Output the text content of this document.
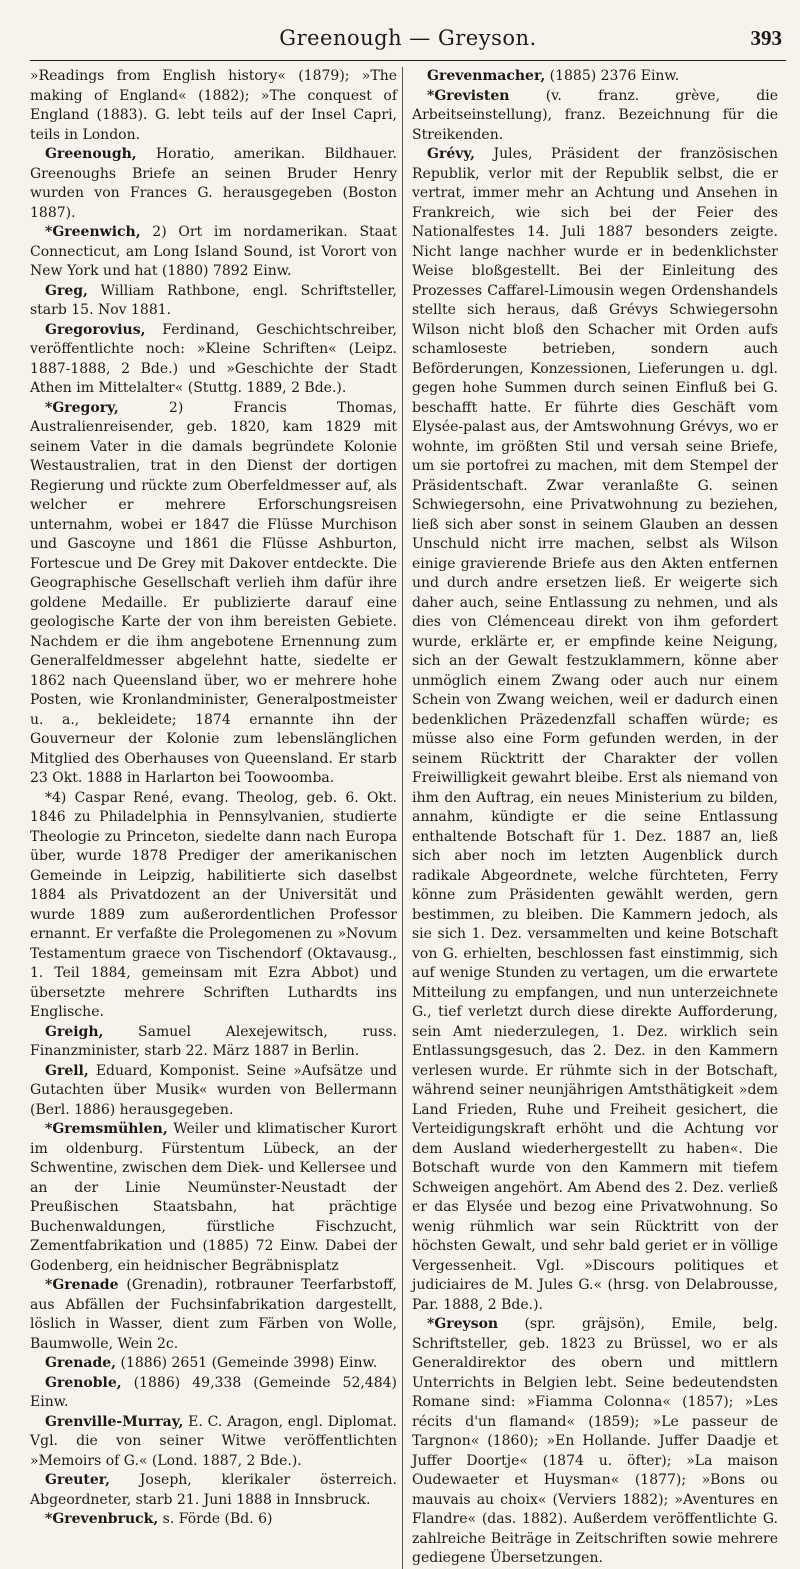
Greenough — Greyson.	393

»Readings from English history« (1879); »The making of England« (1882); »The conquest of England (1883). G. lebt teils auf der Insel Capri, teils in London.

Greenough, Horatio, amerikan. Bildhauer. Greenoughs Briefe an seinen Bruder Henry wurden von Frances G. herausgegeben (Boston 1887).

*Greenwich, 2) Ort im nordamerikan. Staat Connecticut, am Long Island Sound, ist Vorort von New York und hat (1880) 7892 Einw.

Greg, William Rathbone, engl. Schriftsteller, starb 15. Nov 1881.

Gregorovius, Ferdinand, Geschichtschreiber, veröffentlichte noch: »Kleine Schriften« (Leipz. 1887-1888, 2 Bde.) und »Geschichte der Stadt Athen im Mittelalter« (Stuttg. 1889, 2 Bde.).

*Gregory, 2) Francis Thomas, Australienreisender, geb. 1820, kam 1829 mit seinem Vater in die damals begründete Kolonie Westaustralien, trat in den Dienst der dortigen Regierung und rückte zum Oberfeldmesser auf, als welcher er mehrere Erforschungsreisen unternahm, wobei er 1847 die Flüsse Murchison und Gascoyne und 1861 die Flüsse Ashburton, Fortescue und De Grey mit Dakover entdeckte. Die Geographische Gesellschaft verlieh ihm dafür ihre goldene Medaille. Er publizierte darauf eine geologische Karte der von ihm bereisten Gebiete. Nachdem er die ihm angebotene Ernennung zum Generalfeldmesser abgelehnt hatte, siedelte er 1862 nach Queensland über, wo er mehrere hohe Posten, wie Kronlandminister, Generalpostmeister u. a., bekleidete; 1874 ernannte ihn der Gouverneur der Kolonie zum lebenslänglichen Mitglied des Oberhauses von Queensland. Er starb 23 Okt. 1888 in Harlarton bei Toowoomba.

*4) Caspar René, evang. Theolog, geb. 6. Okt. 1846 zu Philadelphia in Pennsylvanien, studierte Theologie zu Princeton, siedelte dann nach Europa über, wurde 1878 Prediger der amerikanischen Gemeinde in Leipzig, habilitierte sich daselbst 1884 als Privatdozent an der Universität und wurde 1889 zum außerordentlichen Professor ernannt. Er verfaßte die Prolegomenen zu »Novum Testamentum graece von Tischendorf (Oktavausg., 1. Teil 1884, gemeinsam mit Ezra Abbot) und übersetzte mehrere Schriften Luthardts ins Englische.

Greigh, Samuel Alexejewitsch, russ. Finanzminister, starb 22. März 1887 in Berlin.

Grell, Eduard, Komponist. Seine »Aufsätze und Gutachten über Musik« wurden von Bellermann (Berl. 1886) herausgegeben.

*Gremsmühlen, Weiler und klimatischer Kurort im oldenburg. Fürstentum Lübeck, an der Schwentine, zwischen dem Diek- und Kellersee und an der Linie Neumünster-Neustadt der Preußischen Staatsbahn, hat prächtige Buchenwaldungen, fürstliche Fischzucht, Zementfabrikation und (1885) 72 Einw. Dabei der Godenberg, ein heidnischer Begräbnisplatz

*Grenade (Grenadin), rotbrauner Teerfarbstoff, aus Abfällen der Fuchsinfabrikation dargestellt, löslich in Wasser, dient zum Färben von Wolle, Baumwolle, Wein 2c.

Grenade, (1886) 2651 (Gemeinde 3998) Einw.

Grenoble, (1886) 49,338 (Gemeinde 52,484) Einw.

Grenville-Murray, E. C. Aragon, engl. Diplomat. Vgl. die von seiner Witwe veröffentlichten »Memoirs of G.« (Lond. 1887, 2 Bde.).

Greuter, Joseph, klerikaler österreich. Abgeordneter, starb 21. Juni 1888 in Innsbruck.

*Grevenbruck, s. Förde (Bd. 6)

Grevenmacher, (1885) 2376 Einw.

*Grevisten (v. franz. grève, die Arbeitseinstellung), franz. Bezeichnung für die Streikenden.

Grévy, Jules, Präsident der französischen Republik, verlor mit der Republik selbst, die er vertrat, immer mehr an Achtung und Ansehen in Frankreich, wie sich bei der Feier des Nationalfestes 14. Juli 1887 besonders zeigte. Nicht lange nachher wurde er in bedenklichster Weise bloßgestellt. Bei der Einleitung des Prozesses Caffarel-Limousin wegen Ordenshandels stellte sich heraus, daß Grévys Schwiegersohn Wilson nicht bloß den Schacher mit Orden aufs schamloseste betrieben, sondern auch Beförderungen, Konzessionen, Lieferungen u. dgl. gegen hohe Summen durch seinen Einfluß bei G. beschafft hatte. Er führte dies Geschäft vom Elysée-palast aus, der Amtswohnung Grévys, wo er wohnte, im größten Stil und versah seine Briefe, um sie portofrei zu machen, mit dem Stempel der Präsidentschaft. Zwar veranlaßte G. seinen Schwiegersohn, eine Privatwohnung zu beziehen, ließ sich aber sonst in seinem Glauben an dessen Unschuld nicht irre machen, selbst als Wilson einige gravierende Briefe aus den Akten entfernen und durch andre ersetzen ließ. Er weigerte sich daher auch, seine Entlassung zu nehmen, und als dies von Clémenceau direkt von ihm gefordert wurde, erklärte er, er empfinde keine Neigung, sich an der Gewalt festzuklammern, könne aber unmöglich einem Zwang oder auch nur einem Schein von Zwang weichen, weil er dadurch einen bedenklichen Präzedenzfall schaffen würde; es müsse also eine Form gefunden werden, in der seinem Rücktritt der Charakter der vollen Freiwilligkeit gewahrt bleibe. Erst als niemand von ihm den Auftrag, ein neues Ministerium zu bilden, annahm, kündigte er die seine Entlassung enthaltende Botschaft für 1. Dez. 1887 an, ließ sich aber noch im letzten Augenblick durch radikale Abgeordnete, welche fürchteten, Ferry könne zum Präsidenten gewählt werden, gern bestimmen, zu bleiben. Die Kammern jedoch, als sie sich 1. Dez. versammelten und keine Botschaft von G. erhielten, beschlossen fast einstimmig, sich auf wenige Stunden zu vertagen, um die erwartete Mitteilung zu empfangen, und nun unterzeichnete G., tief verletzt durch diese direkte Aufforderung, sein Amt niederzulegen, 1. Dez. wirklich sein Entlassungsgesuch, das 2. Dez. in den Kammern verlesen wurde. Er rühmte sich in der Botschaft, während seiner neunjährigen Amtsthätigkeit »dem Land Frieden, Ruhe und Freiheit gesichert, die Verteidigungskraft erhöht und die Achtung vor dem Ausland wiederhergestellt zu haben«. Die Botschaft wurde von den Kammern mit tiefem Schweigen angehört. Am Abend des 2. Dez. verließ er das Elysée und bezog eine Privatwohnung. So wenig rühmlich war sein Rücktritt von der höchsten Gewalt, und sehr bald geriet er in völlige Vergessenheit. Vgl. »Discours politiques et judiciaires de M. Jules G.« (hrsg. von Delabrousse, Par. 1888, 2 Bde.).

*Greyson (spr. gräjsön), Emile, belg. Schriftsteller, geb. 1823 zu Brüssel, wo er als Generaldirektor des obern und mittlern Unterrichts in Belgien lebt. Seine bedeutendsten Romane sind: »Fiamma Colonna« (1857); »Les récits d'un flamand« (1859); »Le passeur de Targnon« (1860); »En Hollande. Juffer Daadje et Juffer Doortje« (1874 u. öfter); »La maison Oudewaeter et Huysman« (1877); »Bons ou mauvais au choix« (Verviers 1882); »Aventures en Flandre« (das. 1882). Außerdem veröffentlichte G. zahlreiche Beiträge in Zeitschriften sowie mehrere gediegene Übersetzungen.
